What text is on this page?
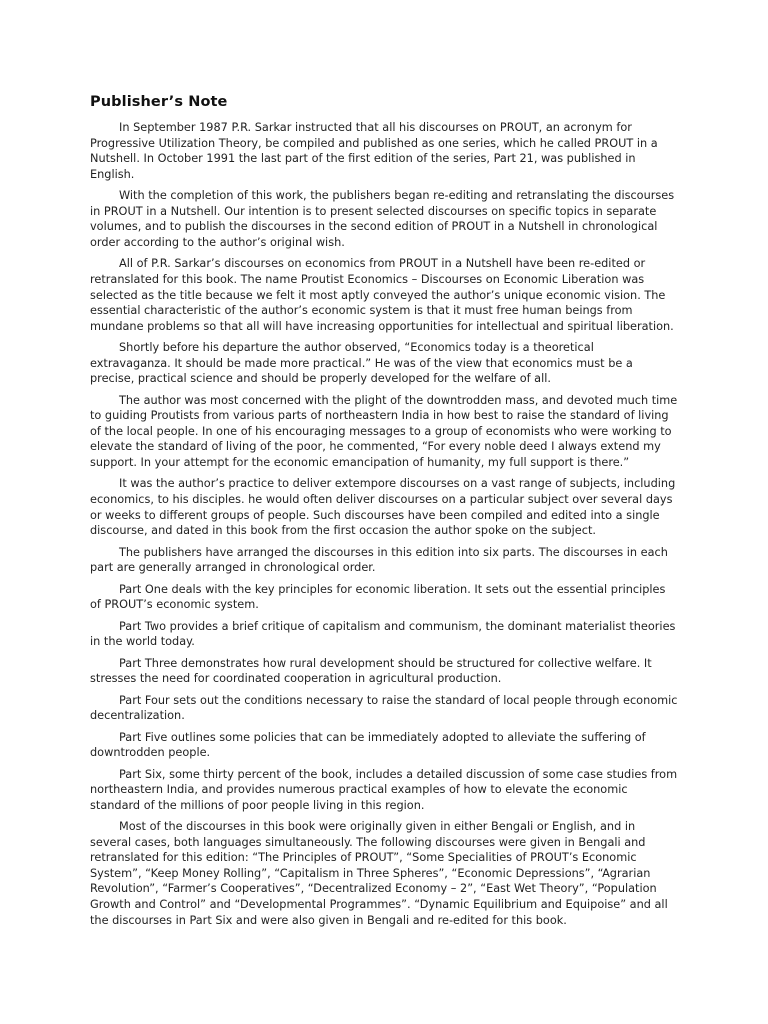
Publisher’s Note

In September 1987 P.R. Sarkar instructed that all his discourses on PROUT, an acronym for Progressive Utilization Theory, be compiled and published as one series, which he called PROUT in a Nutshell. In October 1991 the last part of the first edition of the series, Part 21, was published in English.

With the completion of this work, the publishers began re-editing and retranslating the discourses in PROUT in a Nutshell. Our intention is to present selected discourses on specific topics in separate volumes, and to publish the discourses in the second edition of PROUT in a Nutshell in chronological order according to the author’s original wish.

All of P.R. Sarkar’s discourses on economics from PROUT in a Nutshell have been re-edited or retranslated for this book. The name Proutist Economics – Discourses on Economic Liberation was selected as the title because we felt it most aptly conveyed the author’s unique economic vision. The essential characteristic of the author’s economic system is that it must free human beings from mundane problems so that all will have increasing opportunities for intellectual and spiritual liberation.

Shortly before his departure the author observed, “Economics today is a theoretical extravaganza. It should be made more practical.” He was of the view that economics must be a precise, practical science and should be properly developed for the welfare of all.

The author was most concerned with the plight of the downtrodden mass, and devoted much time to guiding Proutists from various parts of northeastern India in how best to raise the standard of living of the local people. In one of his encouraging messages to a group of economists who were working to elevate the standard of living of the poor, he commented, “For every noble deed I always extend my support. In your attempt for the economic emancipation of humanity, my full support is there.”

It was the author’s practice to deliver extempore discourses on a vast range of subjects, including economics, to his disciples. he would often deliver discourses on a particular subject over several days or weeks to different groups of people. Such discourses have been compiled and edited into a single discourse, and dated in this book from the first occasion the author spoke on the subject.

The publishers have arranged the discourses in this edition into six parts. The discourses in each part are generally arranged in chronological order.

Part One deals with the key principles for economic liberation. It sets out the essential principles of PROUT’s economic system.

Part Two provides a brief critique of capitalism and communism, the dominant materialist theories in the world today.

Part Three demonstrates how rural development should be structured for collective welfare. It stresses the need for coordinated cooperation in agricultural production.

Part Four sets out the conditions necessary to raise the standard of local people through economic decentralization.

Part Five outlines some policies that can be immediately adopted to alleviate the suffering of downtrodden people.

Part Six, some thirty percent of the book, includes a detailed discussion of some case studies from northeastern India, and provides numerous practical examples of how to elevate the economic standard of the millions of poor people living in this region.

Most of the discourses in this book were originally given in either Bengali or English, and in several cases, both languages simultaneously. The following discourses were given in Bengali and retranslated for this edition: “The Principles of PROUT”, “Some Specialities of PROUT’s Economic System”, “Keep Money Rolling”, “Capitalism in Three Spheres”, “Economic Depressions”, “Agrarian Revolution”, “Farmer’s Cooperatives”, “Decentralized Economy – 2”, “East Wet Theory”, “Population Growth and Control” and “Developmental Programmes”. “Dynamic Equilibrium and Equipoise” and all the discourses in Part Six and were also given in Bengali and re-edited for this book.
